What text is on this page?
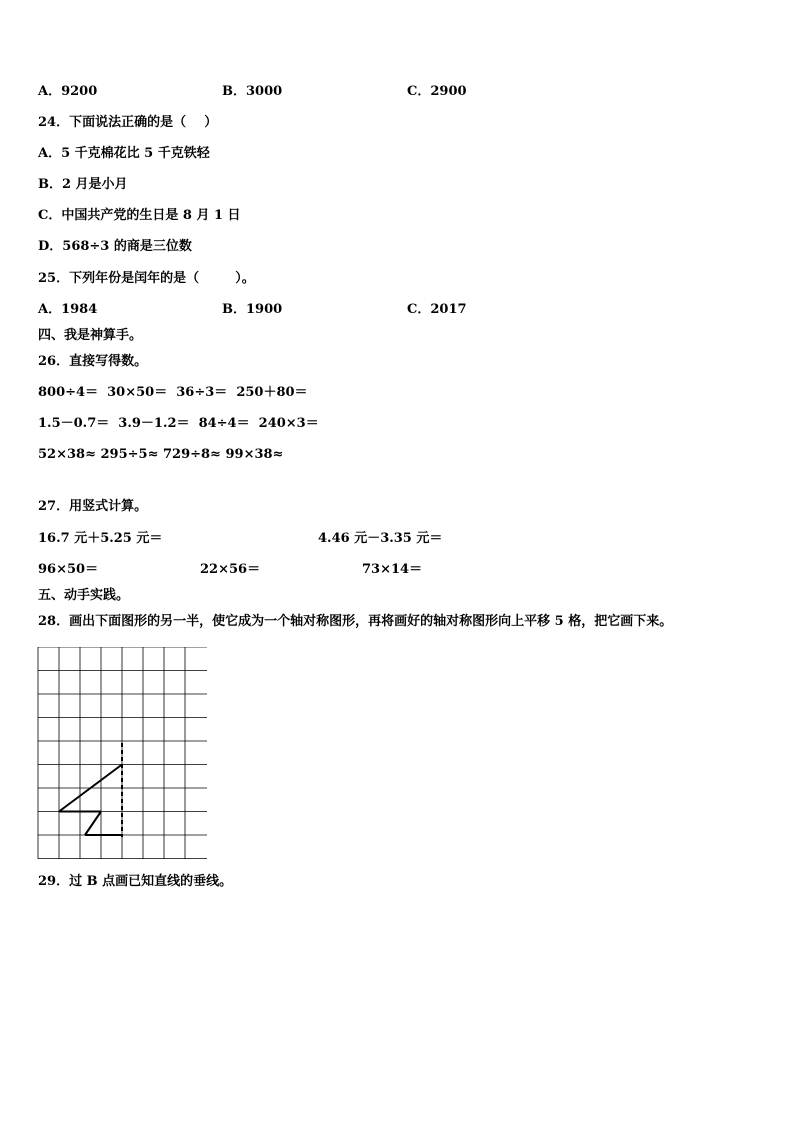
A．9200	B．3000	C．2900
24．下面说法正确的是（    ）
A．5 千克棉花比 5 千克铁轻
B．2 月是小月
C．中国共产党的生日是 8 月 1 日
D．568÷3 的商是三位数
25．下列年份是闰年的是（        ）。
A．1984	B．1900	C．2017
四、我是神算手。
26．直接写得数。
800÷4＝  30×50＝  36÷3＝  250＋80＝
1.5－0.7＝  3.9－1.2＝  84÷4＝  240×3＝
52×38≈ 295÷5≈ 729÷8≈ 99×38≈
27．用竖式计算。
16.7 元＋5.25 元＝	4.46 元－3.35 元＝
96×50＝	22×56＝	73×14＝
五、动手实践。
28．画出下面图形的另一半，使它成为一个轴对称图形，再将画好的轴对称图形向上平移 5 格，把它画下来。
29．过 B 点画已知直线的垂线。
